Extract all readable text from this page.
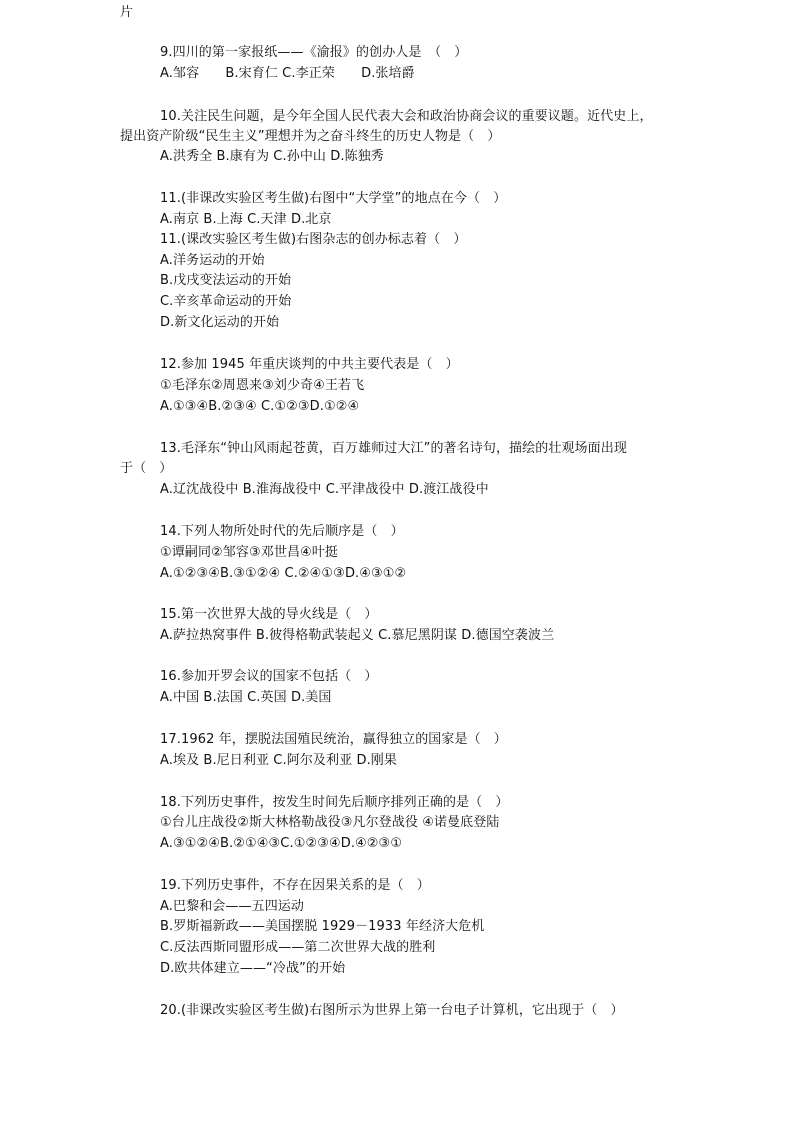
片
9.四川的第一家报纸——《渝报》的创办人是　（　）
A.邹容　　B.宋育仁 C.李正荣　　D.张培爵
10.关注民生问题，是今年全国人民代表大会和政治协商会议的重要议题。近代史上，
提出资产阶级“民生主义”理想并为之奋斗终生的历史人物是（　）
A.洪秀全 B.康有为 C.孙中山 D.陈独秀
11.(非课改实验区考生做)右图中“大学堂”的地点在今（　）
A.南京 B.上海 C.天津 D.北京
11.(课改实验区考生做)右图杂志的创办标志着（　）
A.洋务运动的开始
B.戊戌变法运动的开始
C.辛亥革命运动的开始
D.新文化运动的开始
12.参加 1945 年重庆谈判的中共主要代表是（　）
①毛泽东②周恩来③刘少奇④王若飞
A.①③④B.②③④ C.①②③D.①②④
13.毛泽东“钟山风雨起苍黄，百万雄师过大江”的著名诗句，描绘的壮观场面出现
于（　）
A.辽沈战役中 B.淮海战役中 C.平津战役中 D.渡江战役中
14.下列人物所处时代的先后顺序是（　）
①谭嗣同②邹容③邓世昌④叶挺
A.①②③④B.③①②④ C.②④①③D.④③①②
15.第一次世界大战的导火线是（　）
A.萨拉热窝事件 B.彼得格勒武装起义 C.慕尼黑阴谋 D.德国空袭波兰
16.参加开罗会议的国家不包括（　）
A.中国 B.法国 C.英国 D.美国
17.1962 年，摆脱法国殖民统治，赢得独立的国家是（　）
A.埃及 B.尼日利亚 C.阿尔及利亚 D.刚果
18.下列历史事件，按发生时间先后顺序排列正确的是（　）
①台儿庄战役②斯大林格勒战役③凡尔登战役 ④诺曼底登陆
A.③①②④B.②①④③C.①②③④D.④②③①
19.下列历史事件，不存在因果关系的是（　）
A.巴黎和会——五四运动
B.罗斯福新政——美国摆脱 1929－1933 年经济大危机
C.反法西斯同盟形成——第二次世界大战的胜利
D.欧共体建立——“冷战”的开始
20.(非课改实验区考生做)右图所示为世界上第一台电子计算机，它出现于（　）
